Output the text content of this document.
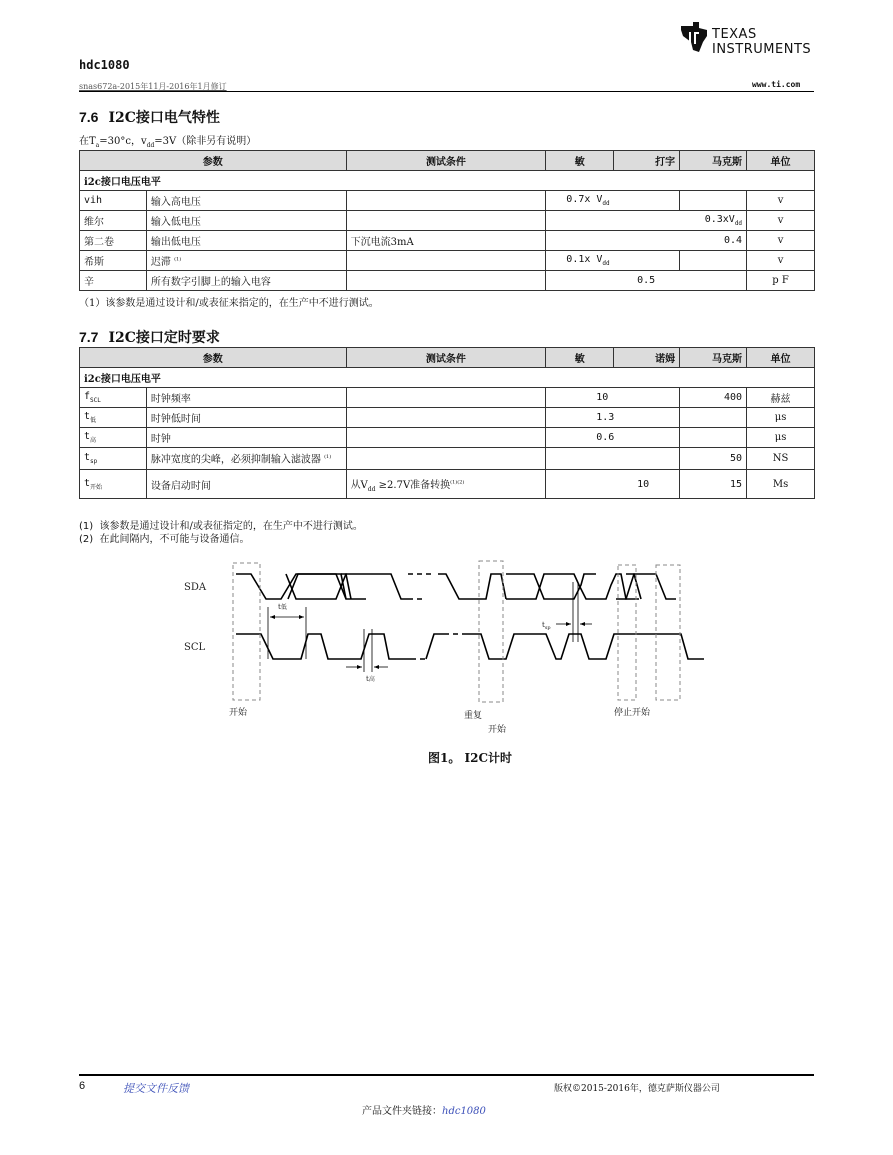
TEXAS
INSTRUMENTS
hdc1080
snas672a-2015年11月-2016年1月修订	www.ti.com
7.6 I2C接口电气特性
在$T_a=30^\circ c$，$v_{dd}=3V$（除非另有说明）
参数		测试条件	敏	打字	马克斯	单位
i2c接口电压电平						
vih	输入高电压		0.7x $V_{dd}$			v
维尔	输入低电压		$0.3xV_{dd}$			v
第二卷	输出低电压	下沉电流3mA	0.4			v
希斯	迟滞 $^{(1)}$		0.1x $V_{dd}$			v
辛	所有数字引脚上的输入电容		0.5			p F
（1）该参数是通过设计和/或表征来指定的，在生产中不进行测试。
7.7 I2C接口定时要求
参数		测试条件	敏	诺姆	马克斯	单位
i2c接口电压电平						
$f_{SCL}$	时钟频率		10		400	赫兹
$t_低$	时钟低时间		1.3			μs
$t_高$	时钟		0.6			μs
$t_{sp}$	脉冲宽度的尖峰，必须抑制输入滤波器 $^{(1)}$				50	NS
$t_{开始}$	设备启动时间	从$V_{dd} \ge 2.7V$准备转换$^{(1)(2)}$	10		15	Ms
(1) 该参数是通过设计和/或表征指定的，在生产中不进行测试。
(2) 在此间隔内，不可能与设备通信。
SDA
SCL
t低
t高
$t_{sp}$
开始	重复
开始
停止开始
图1。 I2C计时
6	提交文件反馈	版权©2015-2016年，德克萨斯仪器公司
产品文件夹链接：hdc1080
